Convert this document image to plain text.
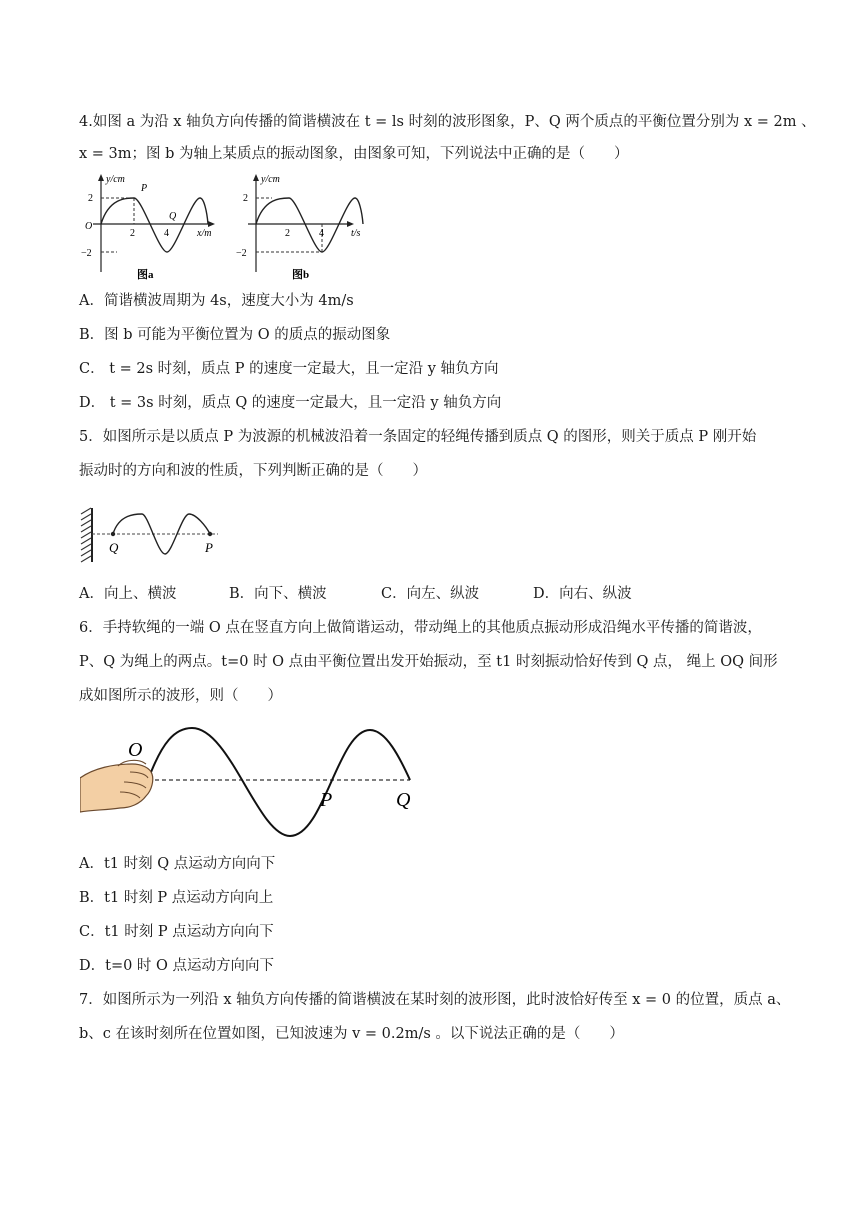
4.如图 a 为沿 x 轴负方向传播的简谐横波在 t = ls 时刻的波形图象，P、Q 两个质点的平衡位置分别为 x = 2m 、
x = 3m；图 b 为轴上某质点的振动图象，由图象可知，下列说法中正确的是（　　）
y/cm
P
Q
2
O
−2
2	4	x/m
图a
y/cm
2
−2
2	4	t/s
图b
A．简谐横波周期为 4s，速度大小为 4m/s
B．图 b 可能为平衡位置为 O 的质点的振动图象
C． t = 2s 时刻，质点 P 的速度一定最大，且一定沿 y 轴负方向
D． t = 3s 时刻，质点 Q 的速度一定最大，且一定沿 y 轴负方向
5．如图所示是以质点 P 为波源的机械波沿着一条固定的轻绳传播到质点 Q 的图形，则关于质点 P 刚开始
振动时的方向和波的性质，下列判断正确的是（　　）
Q	P
A．向上、横波	B．向下、横波	C．向左、纵波	D．向右、纵波
6．手持软绳的一端 O 点在竖直方向上做简谐运动，带动绳上的其他质点振动形成沿绳水平传播的简谐波，
P、Q 为绳上的两点。t=0 时 O 点由平衡位置出发开始振动，至 t1 时刻振动恰好传到 Q 点， 绳上 OQ 间形
成如图所示的波形，则（　　）
O
P	Q
A．t1 时刻 Q 点运动方向向下
B．t1 时刻 P 点运动方向向上
C．t1 时刻 P 点运动方向向下
D．t=0 时 O 点运动方向向下
7．如图所示为一列沿 x 轴负方向传播的简谐横波在某时刻的波形图，此时波恰好传至 x = 0 的位置，质点 a、
b、c 在该时刻所在位置如图，已知波速为 v = 0.2m/s 。以下说法正确的是（　　）
